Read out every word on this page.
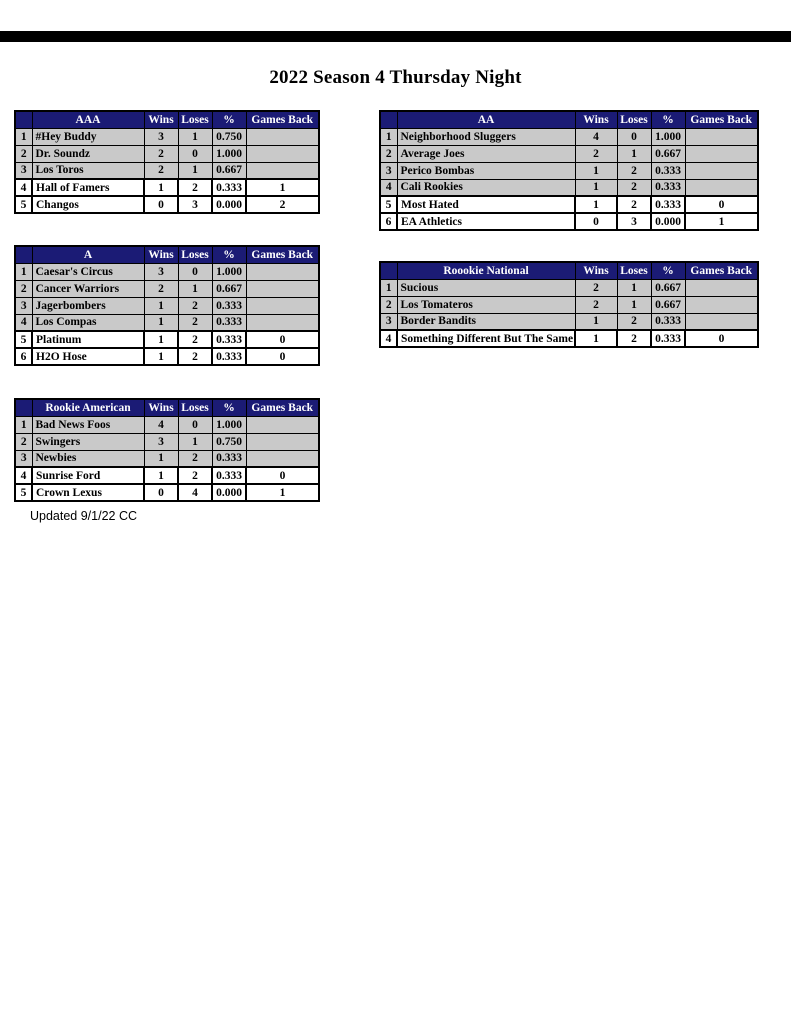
2022 Season 4 Thursday Night
	AAA	Wins	Loses	%	Games Back
1	#Hey Buddy	3	1	0.750	
2	Dr. Soundz	2	0	1.000	
3	Los Toros	2	1	0.667	
4	Hall of Famers	1	2	0.333	1
5	Changos	0	3	0.000	2
	AA	Wins	Loses	%	Games Back
1	Neighborhood Sluggers	4	0	1.000	
2	Average Joes	2	1	0.667	
3	Perico Bombas	1	2	0.333	
4	Cali Rookies	1	2	0.333	
5	Most Hated	1	2	0.333	0
6	EA Athletics	0	3	0.000	1
	A	Wins	Loses	%	Games Back
1	Caesar's Circus	3	0	1.000	
2	Cancer Warriors	2	1	0.667	
3	Jagerbombers	1	2	0.333	
4	Los Compas	1	2	0.333	
5	Platinum	1	2	0.333	0
6	H2O Hose	1	2	0.333	0
	Roookie National	Wins	Loses	%	Games Back
1	Sucious	2	1	0.667	
2	Los Tomateros	2	1	0.667	
3	Border Bandits	1	2	0.333	
4	Something Different But The Same	1	2	0.333	0
	Rookie American	Wins	Loses	%	Games Back
1	Bad News Foos	4	0	1.000	
2	Swingers	3	1	0.750	
3	Newbies	1	2	0.333	
4	Sunrise Ford	1	2	0.333	0
5	Crown Lexus	0	4	0.000	1
Updated 9/1/22 CC
